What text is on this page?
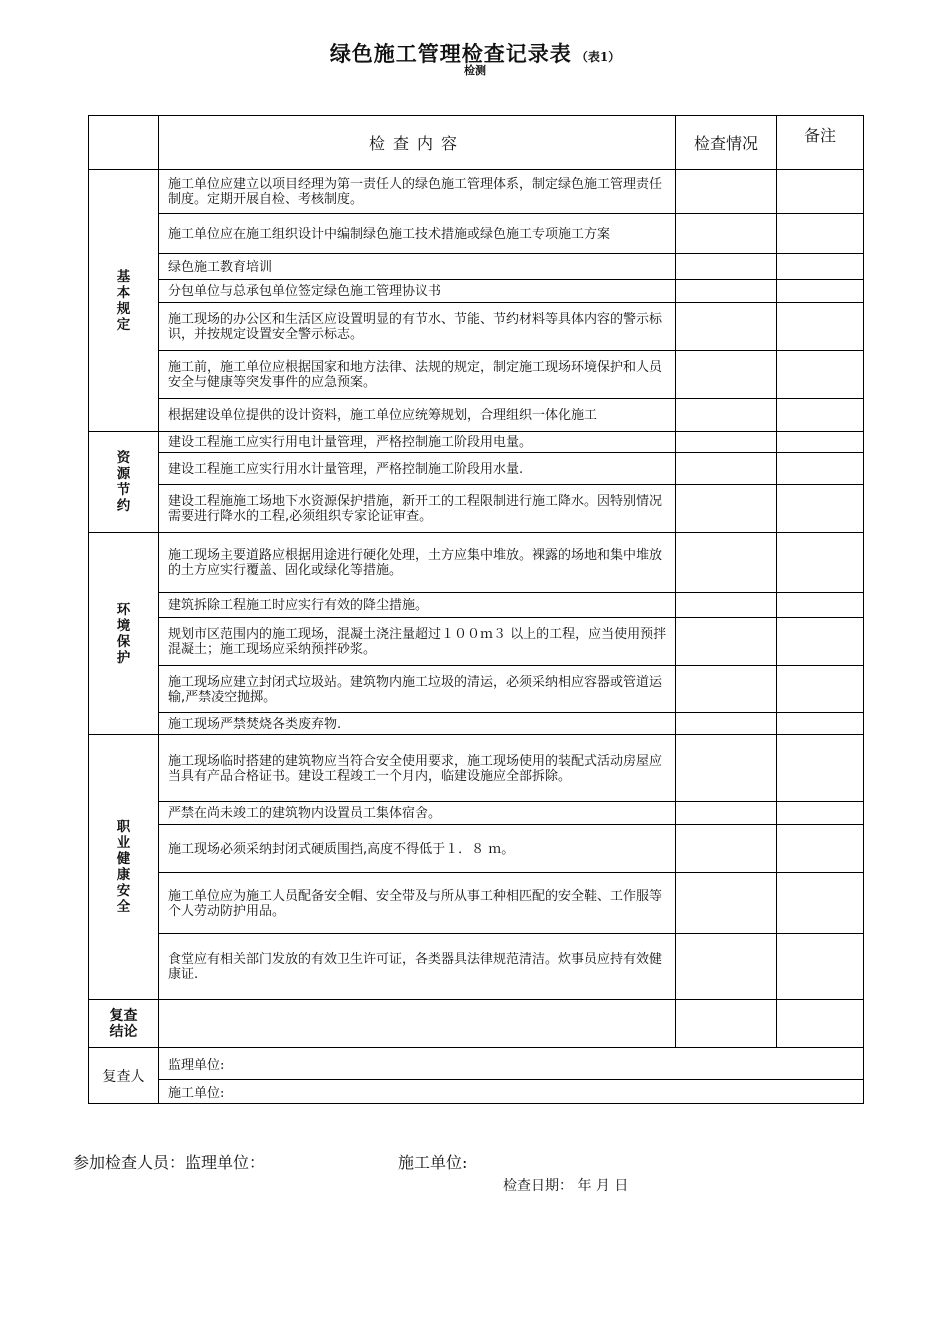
绿色施工管理检查记录表 （表1）
检测
	检查内容	检查情况	备注
基本规定	施工单位应建立以项目经理为第一责任人的绿色施工管理体系，制定绿色施工管理责任制度。定期开展自检、考核制度。		
	施工单位应在施工组织设计中编制绿色施工技术措施或绿色施工专项施工方案		
	绿色施工教育培训		
	分包单位与总承包单位签定绿色施工管理协议书		
	施工现场的办公区和生活区应设置明显的有节水、节能、节约材料等具体内容的警示标识，并按规定设置安全警示标志。		
	施工前，施工单位应根据国家和地方法律、法规的规定，制定施工现场环境保护和人员安全与健康等突发事件的应急预案。		
	根据建设单位提供的设计资料，施工单位应统筹规划，合理组织一体化施工		
资源节约	建设工程施工应实行用电计量管理，严格控制施工阶段用电量。		
	建设工程施工应实行用水计量管理，严格控制施工阶段用水量.		
	建设工程施施工场地下水资源保护措施，新开工的工程限制进行施工降水。因特别情况需要进行降水的工程,必须组织专家论证审查。		
环境保护	施工现场主要道路应根据用途进行硬化处理，土方应集中堆放。裸露的场地和集中堆放的土方应实行覆盖、固化或绿化等措施。		
	建筑拆除工程施工时应实行有效的降尘措施。		
	规划市区范围内的施工现场，混凝土浇注量超过１００ｍ３ 以上的工程，应当使用预拌混凝土；施工现场应采纳预拌砂浆。		
	施工现场应建立封闭式垃圾站。建筑物内施工垃圾的清运，必须采纳相应容器或管道运输,严禁凌空抛掷。		
	施工现场严禁焚烧各类废弃物.		
职业健康安全	施工现场临时搭建的建筑物应当符合安全使用要求，施工现场使用的装配式活动房屋应当具有产品合格证书。建设工程竣工一个月内，临建设施应全部拆除。		
	严禁在尚未竣工的建筑物内设置员工集体宿舍。		
	施工现场必须采纳封闭式硬质围挡,高度不得低于１．８ ｍ。		
	施工单位应为施工人员配备安全帽、安全带及与所从事工种相匹配的安全鞋、工作服等个人劳动防护用品。		
	食堂应有相关部门发放的有效卫生许可证，各类器具法律规范清洁。炊事员应持有效健康证.		
复查结论			
复查人	监理单位:		
	施工单位:		
参加检查人员：监理单位：	施工单位:
检查日期： 年 月 日
